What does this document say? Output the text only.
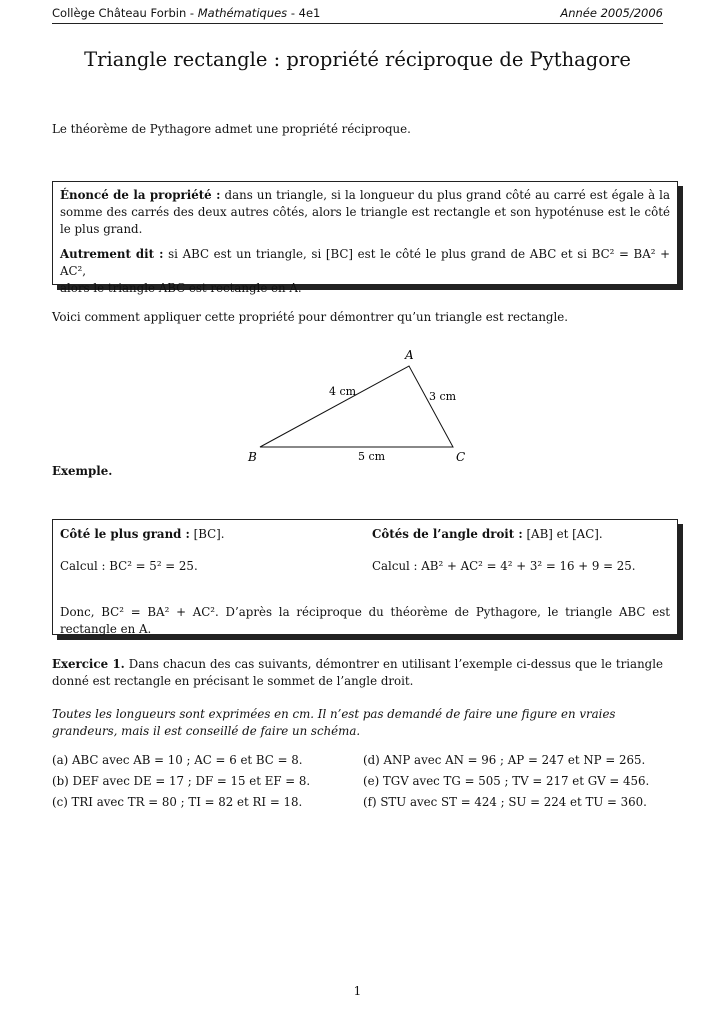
Collège Château Forbin - Mathématiques - 4e1	Année 2005/2006
Triangle rectangle : propriété réciproque de Pythagore
Le théorème de Pythagore admet une propriété réciproque.
Énoncé de la propriété : dans un triangle, si la longueur du plus grand côté au carré est égale à la somme des carrés des deux autres côtés, alors le triangle est rectangle et son hypoténuse est le côté le plus grand.
Autrement dit : si ABC est un triangle, si [BC] est le côté le plus grand de ABC et si BC² = BA² + AC²,
alors le triangle ABC est rectangle en A.
Voici comment appliquer cette propriété pour démontrer qu’un triangle est rectangle.
A
B	C
4 cm	3 cm
5 cm
Exemple.
Côté le plus grand : [BC].	Côtés de l’angle droit : [AB] et [AC].
Calcul : BC² = 5² = 25.	Calcul : AB² + AC² = 4² + 3² = 16 + 9 = 25.
Donc, BC² = BA² + AC². D’après la réciproque du théorème de Pythagore, le triangle ABC est rectangle en A.
Exercice 1. Dans chacun des cas suivants, démontrer en utilisant l’exemple ci-dessus que le triangle donné est rectangle en précisant le sommet de l’angle droit.
Toutes les longueurs sont exprimées en cm. Il n’est pas demandé de faire une figure en vraies grandeurs, mais il est conseillé de faire un schéma.
(a) ABC avec AB = 10 ; AC = 6 et BC = 8.
(b) DEF avec DE = 17 ; DF = 15 et EF = 8.
(c) TRI avec TR = 80 ; TI = 82 et RI = 18.
(d) ANP avec AN = 96 ; AP = 247 et NP = 265.
(e) TGV avec TG = 505 ; TV = 217 et GV = 456.
(f) STU avec ST = 424 ; SU = 224 et TU = 360.
1
